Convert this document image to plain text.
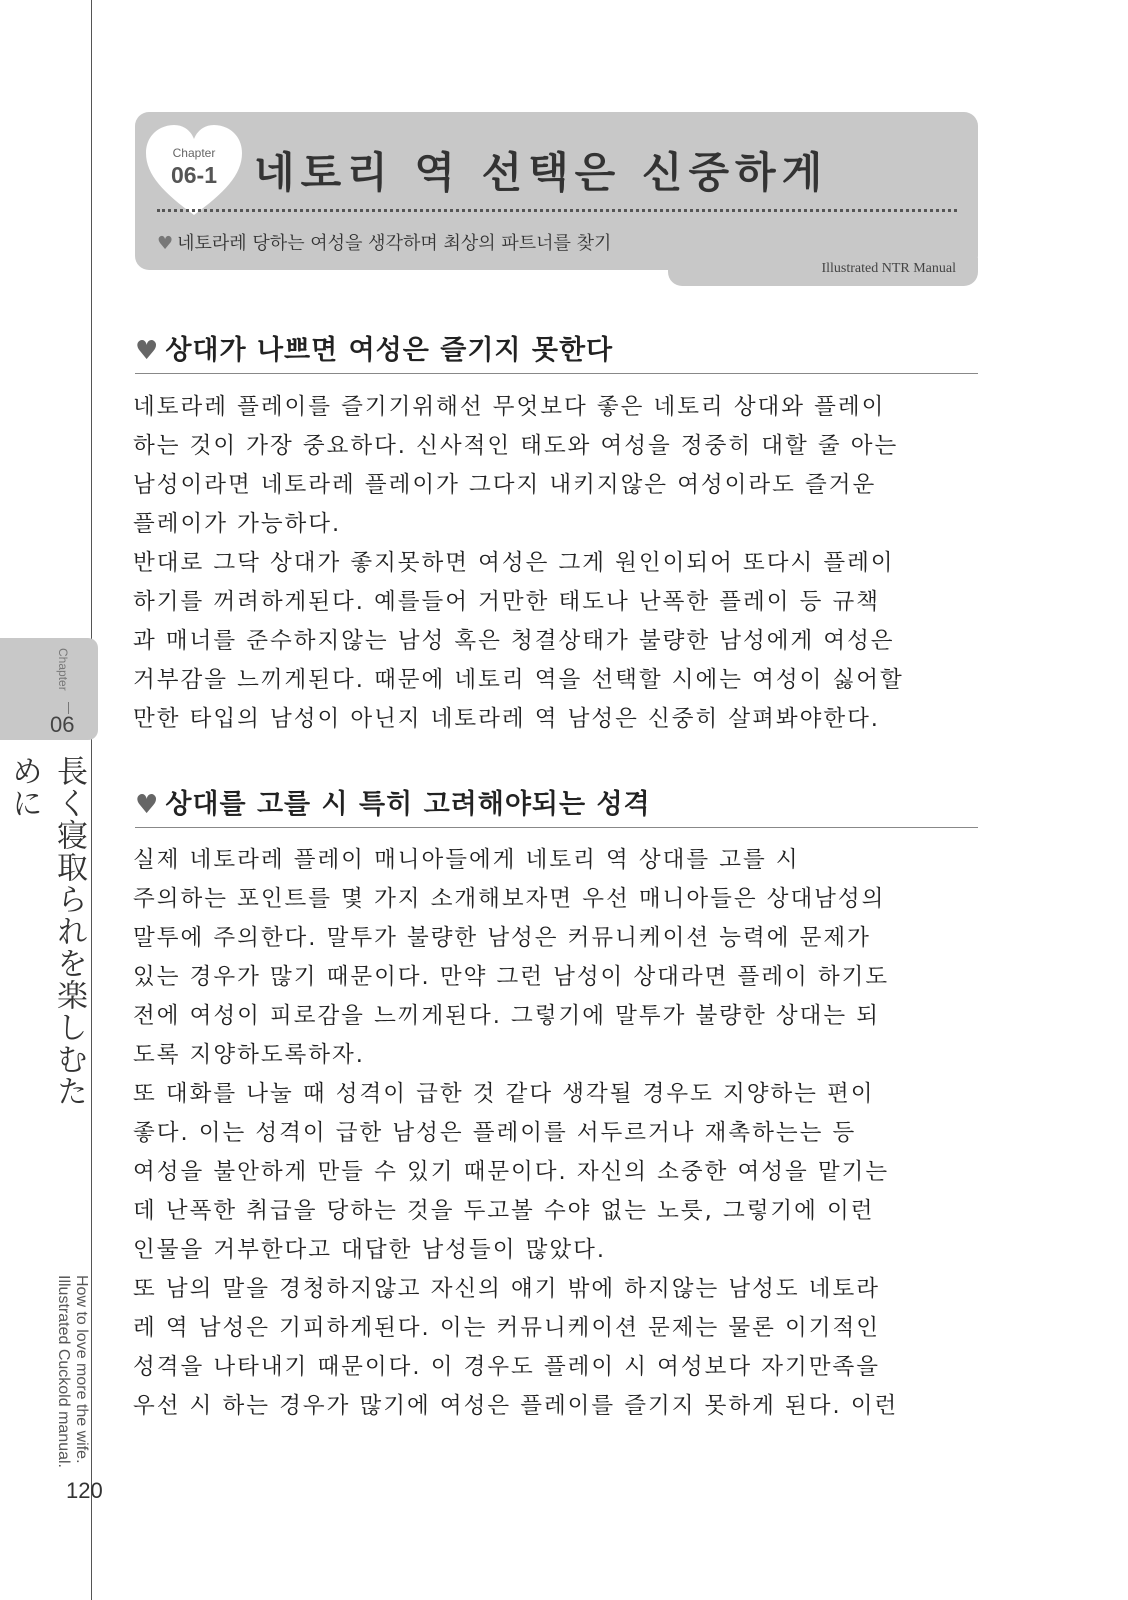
Chapter
06
長く寝取られを楽しむために
How to love more the wife.
Illustrated Cuckold manual.
120
Chapter
06-1 네토리 역 선택은 신중하게
♥ 네토라레 당하는 여성을 생각하며 최상의 파트너를 찾기
Illustrated NTR Manual
♥ 상대가 나쁘면 여성은 즐기지 못한다

네토라레 플레이를 즐기기위해선 무엇보다 좋은 네토리 상대와 플레이

하는 것이 가장 중요하다. 신사적인 태도와 여성을 정중히 대할 줄 아는

남성이라면 네토라레 플레이가 그다지 내키지않은 여성이라도 즐거운

플레이가 가능하다.

반대로 그닥 상대가 좋지못하면 여성은 그게 원인이되어 또다시 플레이

하기를 꺼려하게된다. 예를들어 거만한 태도나 난폭한 플레이 등 규책

과 매너를 준수하지않는 남성 혹은 청결상태가 불량한 남성에게 여성은

거부감을 느끼게된다. 때문에 네토리 역을 선택할 시에는 여성이 싫어할

만한 타입의 남성이 아닌지 네토라레 역 남성은 신중히 살펴봐야한다.

♥ 상대를 고를 시 특히 고려해야되는 성격

실제 네토라레 플레이 매니아들에게 네토리 역 상대를 고를 시

주의하는 포인트를 몇 가지 소개해보자면 우선 매니아들은 상대남성의

말투에 주의한다. 말투가 불량한 남성은 커뮤니케이션 능력에 문제가

있는 경우가 많기 때문이다. 만약 그런 남성이 상대라면 플레이 하기도

전에 여성이 피로감을 느끼게된다. 그렇기에 말투가 불량한 상대는 되

도록 지양하도록하자.

또 대화를 나눌 때 성격이 급한 것 같다 생각될 경우도 지양하는 편이

좋다. 이는 성격이 급한 남성은 플레이를 서두르거나 재촉하는는 등

여성을 불안하게 만들 수 있기 때문이다. 자신의 소중한 여성을 맡기는

데 난폭한 취급을 당하는 것을 두고볼 수야 없는 노릇, 그렇기에 이런

인물을 거부한다고 대답한 남성들이 많았다.

또 남의 말을 경청하지않고 자신의 얘기 밖에 하지않는 남성도 네토라

레 역 남성은 기피하게된다. 이는 커뮤니케이션 문제는 물론 이기적인

성격을 나타내기 때문이다. 이 경우도 플레이 시 여성보다 자기만족을

우선 시 하는 경우가 많기에 여성은 플레이를 즐기지 못하게 된다. 이런
